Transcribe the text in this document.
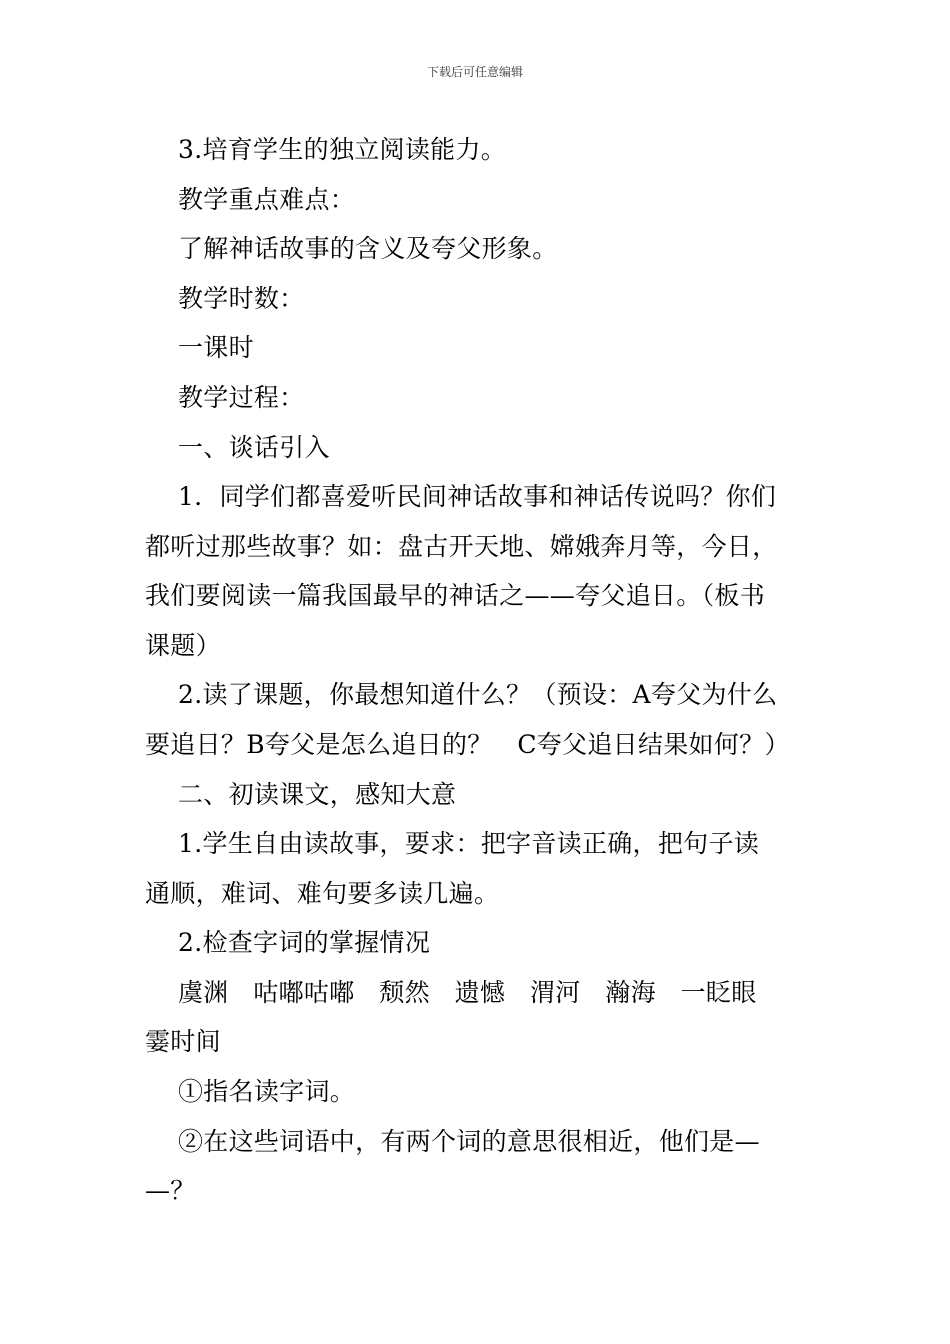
下载后可任意编辑
3.培育学生的独立阅读能力。
教学重点难点：
了解神话故事的含义及夸父形象。
教学时数：
一课时
教学过程：
一、谈话引入
1．同学们都喜爱听民间神话故事和神话传说吗？你们
都听过那些故事？如：盘古开天地、嫦娥奔月等，今日，
我们要阅读一篇我国最早的神话之——夸父追日。（板书
课题）
2.读了课题，你最想知道什么？（预设：A夸父为什么
要追日？B夸父是怎么追日的？   C夸父追日结果如何？）
二、初读课文，感知大意
1.学生自由读故事，要求：把字音读正确，把句子读
通顺，难词、难句要多读几遍。
2.检查字词的掌握情况
虞渊   咕嘟咕嘟   颓然   遗憾   渭河   瀚海   一眨眼
霎时间
①指名读字词。
②在这些词语中，有两个词的意思很相近，他们是—
—？
